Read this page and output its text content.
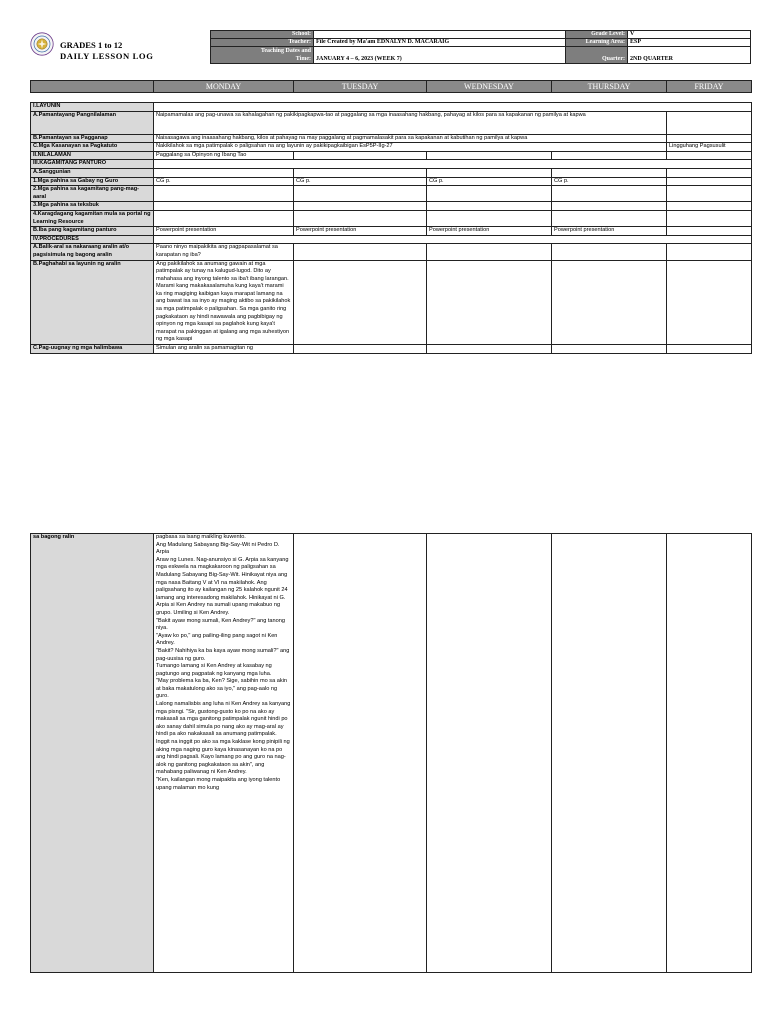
GRADES 1 to 12
DAILY LESSON LOG
School:		Grade Level:	V
Teacher:	File Created by Ma'am EDNALYN D. MACARAIG	Learning Area:	ESP

Teaching Dates and
Time:	JANUARY 4 – 6, 2023 (WEEK 7)	Quarter:	2ND QUARTER

	MONDAY	TUESDAY	WEDNESDAY	THURSDAY	FRIDAY
I.LAYUNIN					
A.Pamantayang Pangnilalaman	Naipamamalas ang pag-unawa sa kahalagahan ng pakikipagkapwa-tao at paggalang sa mga inaasahang hakbang, pahayag at kilos para sa kapakanan ng pamilya at kapwa				
B.Pamantayan sa Pagganap	Naisasagawa ang inaasahang hakbang, kilos at pahayag na may paggalang at pagmamalasakit para sa kapakanan at kabutihan ng pamilya at kapwa				
C.Mga Kasanayan sa Pagkatuto	Nakikilahok sa mga patimpalak o paligsahan na ang layunin ay pakikipagkaibigan EsP5P-IIg-27				Lingguhang Pagsusulit
II.NILALAMAN	Paggalang sa Opinyon ng Ibang Tao				
III.KAGAMITANG PANTURO					
A.Sanggunian					
1.Mga pahina sa Gabay ng Guro	CG p.	CG p.	CG p.	CG p.	
2.Mga pahina sa kagamitang pang-mag-aaral					
3.Mga pahina sa teksbuk					
4.Karagdagang kagamitan mula sa portal ng Learning Resource					
B.Iba pang kagamitang panturo	Powerpoint presentation	Powerpoint presentation	Powerpoint presentation	Powerpoint presentation	
IV.PROCEDURES					
A.Balik-aral sa nakaraang aralin at/o pagsisimula ng bagong aralin	Paano ninyo maipakikita ang pagpapasalamat sa karapatan ng iba?				
B.Paghahabi sa layunin ng aralin	Ang pakikilahok sa anumang gawain at mga patimpalak ay tunay na kalugud-lugod. Dito ay mahahasa ang inyong talento sa iba't ibang larangan. Marami kang makakasalamuha kung kaya't marami ka ring magiging kaibigan kaya marapat lamang na ang bawat isa sa inyo ay maging aktibo sa pakikilahok sa mga patimpalak o paligsahan. Sa mga ganito ring pagkakataon ay hindi nawawala ang pagbibigay ng opinyon ng mga kasapi sa paglahok kung kaya't marapat na pakinggan at igalang ang mga suhestiyon ng mga kasapi				
C.Pag-uugnay ng mga halimbawa	Simulan ang aralin sa pamamagitan ng				
sa bagong ralin	pagbasa sa isang maikling kuwento.
Ang Madulang Sabayang Big-Say-Wit ni Pedro D. Arpia
Araw ng Lunes. Nag-anunsiyo si G. Arpia sa kanyang mga eskwela na magkakaroon ng paligsahan sa Madulang Sabayang Big-Say-Wit. Hinikayat niya ang mga nasa Baitang V at VI na makilahok. Ang paligsahang ito ay kailangan ng 25 kalahok ngunit 24 lamang ang interesadong makilahok. Hinikayat ni G. Arpia si Ken Andrey na sumali upang makabuo ng grupo. Umiling si Ken Andrey.
"Bakit ayaw mong sumali, Ken Andrey?" ang tanong niya.
"Ayaw ko po," ang pailing-iling pang sagot ni Ken Andrey.
"Bakit? Nahihiya ka ba kaya ayaw mong sumali?" ang pag-uusisa ng guro.
Tumango lamang si Ken Andrey at kasabay ng pagtungo ang pagpatak ng kanyang mga luha.
"May problema ka ba, Ken? Sige, sabihin mo sa akin at baka makatulong ako sa iyo," ang pag-aalo ng guro.
Lalong namalisbis ang luha ni Ken Andrey sa kanyang mga pisngi. "Sir, gustong-gusto ko po na ako ay makasali sa mga ganitong patimpalak ngunit hindi po ako sanay dahil simula po nang ako ay mag-aral ay hindi pa ako nakakasali sa anumang patimpalak. Inggit na inggit po ako sa mga kaklase kong pinipili ng aking mga naging guro kaya kinasanayan ko na po ang hindi pagsali. Kayo lamang po ang guro na nag-alok ng ganitong pagkakataon sa akin", ang mahabang paliwanag ni Ken Andrey.
"Ken, kailangan mong maipakita ang iyong talento upang malaman mo kung				
